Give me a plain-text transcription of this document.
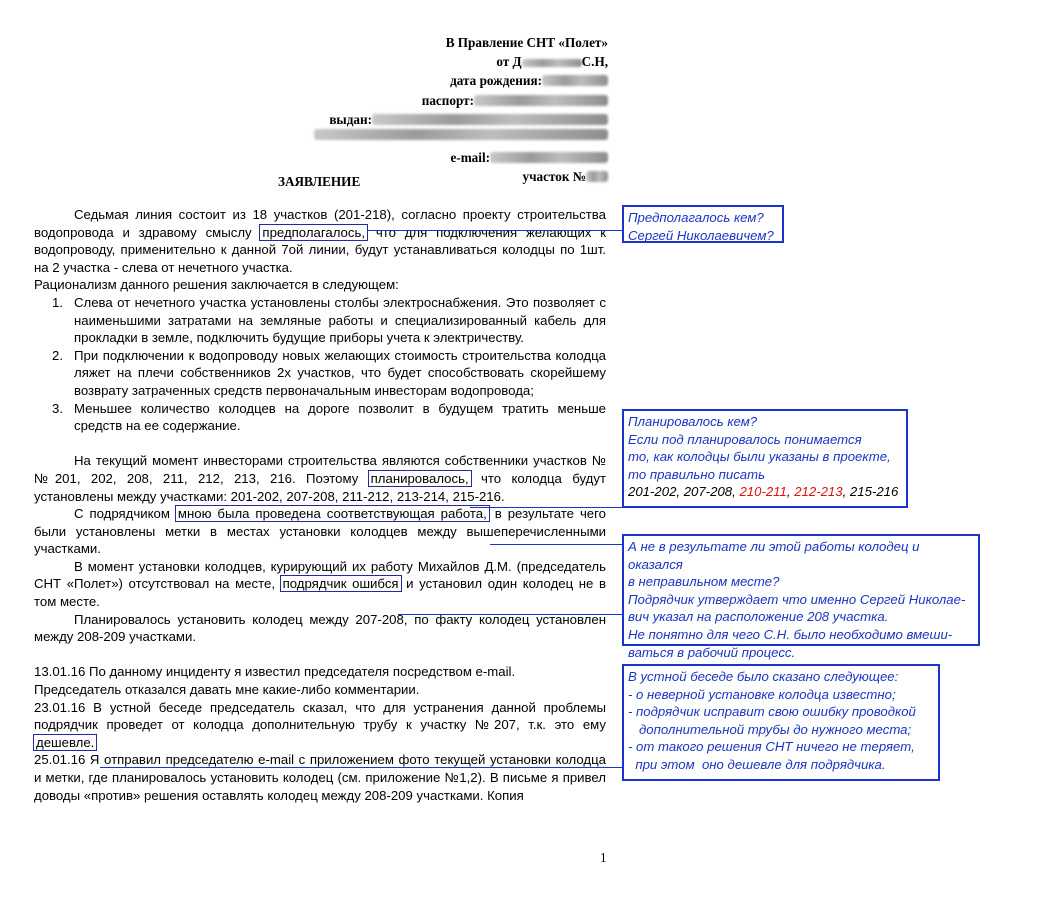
В Правление СНТ «Полет»
от Д	С.Н,
дата рождения:
паспорт:
выдан:
e-mail:
участок №
ЗАЯВЛЕНИЕ

Седьмая линия состоит из 18 участков (201-218), согласно проекту строительства водопровода и здравому смыслу предполагалось, что для подключения желающих к водопроводу, применительно к данной 7ой линии, будут устанавливаться колодцы по 1шт. на 2 участка - слева от нечетного участка.

Рационализм данного решения заключается в следующем:

1. Слева от нечетного участка установлены столбы электроснабжения. Это позволяет с наименьшими затратами на земляные работы и специализированный кабель для прокладки в земле, подключить будущие приборы учета к электричеству.
2. При подключении к водопроводу новых желающих стоимость строительства колодца ляжет на плечи собственников 2х участков, что будет способствовать скорейшему возврату затраченных средств первоначальным инвесторам водопровода;
3. Меньшее количество колодцев на дороге позволит в будущем тратить меньше средств на ее содержание.

На текущий момент инвесторами строительства являются собственники участков №№201, 202, 208, 211, 212, 213, 216. Поэтому планировалось, что колодца будут установлены между участками: 201-202, 207-208, 211-212, 213-214, 215-216.

С подрядчиком мною была проведена соответствующая работа, в результате чего были установлены метки в местах установки колодцев между вышеперечисленными участками.

В момент установки колодцев, курирующий их работу Михайлов Д.М. (председатель СНТ «Полет») отсутствовал на месте, подрядчик ошибся и установил один колодец не в том месте.

Планировалось установить колодец между 207-208, по факту колодец установлен между 208-209 участками.

13.01.16 По данному инциденту я известил председателя посредством e-mail.

Председатель отказался давать мне какие-либо комментарии.

23.01.16 В устной беседе председатель сказал, что для устранения данной проблемы подрядчик проведет от колодца дополнительную трубу к участку №207, т.к. это ему дешевле.

25.01.16 Я отправил председателю e-mail с приложением фото текущей установки колодца и метки, где планировалось установить колодец (см. приложение №1,2). В письме я привел доводы «против» решения оставлять колодец между 208-209 участками. Копия

1
Предполагалось кем?
Сергей Николаевичем?
Планировалось кем?
Если под планировалось понимается
то, как колодцы были указаны в проекте,
то правильно писать
201-202, 207-208, 210-211, 212-213, 215-216
А не в результате ли этой работы колодец и оказался
в неправильном месте?
Подрядчик утверждает что именно Сергей Николае-
вич указал на расположение 208 участка.
Не понятно для чего С.Н. было необходимо вмеши-
ваться в рабочий процесс.
В устной беседе было сказано следующее:
- о неверной установке колодца известно;
- подрядчик исправит свою ошибку проводкой
дополнительной трубы до нужного места;
- от такого решения СНТ ничего не теряет,
при этом  оно дешевле для подрядчика.
